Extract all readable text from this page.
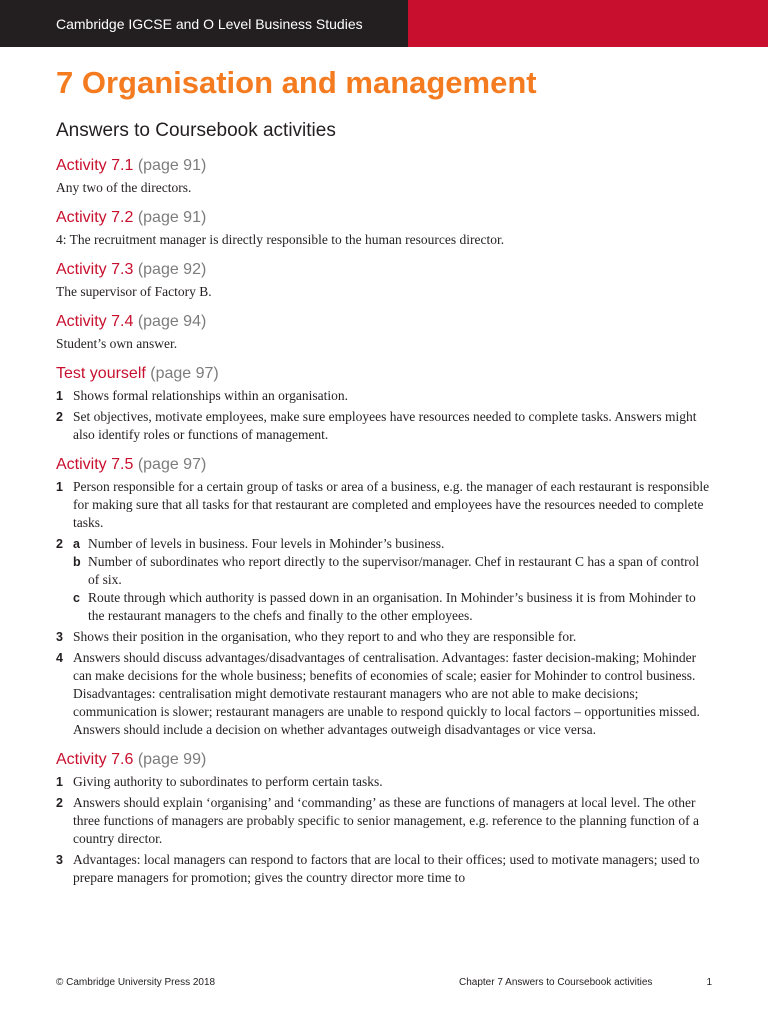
Cambridge IGCSE and O Level Business Studies
7 Organisation and management
Answers to Coursebook activities
Activity 7.1 (page 91)

Any two of the directors.

Activity 7.2 (page 91)

4: The recruitment manager is directly responsible to the human resources director.

Activity 7.3 (page 92)

The supervisor of Factory B.

Activity 7.4 (page 94)

Student’s own answer.

Test yourself (page 97)
1 Shows formal relationships within an organisation.
2 Set objectives, motivate employees, make sure employees have resources needed to complete tasks. Answers might also identify roles or functions of management.
Activity 7.5 (page 97)
1 Person responsible for a certain group of tasks or area of a business, e.g. the manager of each restaurant is responsible for making sure that all tasks for that restaurant are completed and employees have the resources needed to complete tasks.
2 a Number of levels in business. Four levels in Mohinder’s business.
b Number of subordinates who report directly to the supervisor/manager. Chef in restaurant C has a span of control of six.
c Route through which authority is passed down in an organisation. In Mohinder’s business it is from Mohinder to the restaurant managers to the chefs and finally to the other employees.
3 Shows their position in the organisation, who they report to and who they are responsible for.
4 Answers should discuss advantages/disadvantages of centralisation. Advantages: faster decision-making; Mohinder can make decisions for the whole business; benefits of economies of scale; easier for Mohinder to control business. Disadvantages: centralisation might demotivate restaurant managers who are not able to make decisions; communication is slower; restaurant managers are unable to respond quickly to local factors – opportunities missed. Answers should include a decision on whether advantages outweigh disadvantages or vice versa.
Activity 7.6 (page 99)
1 Giving authority to subordinates to perform certain tasks.
2 Answers should explain ‘organising’ and ‘commanding’ as these are functions of managers at local level. The other three functions of managers are probably specific to senior management, e.g. reference to the planning function of a country director.
3 Advantages: local managers can respond to factors that are local to their offices; used to motivate managers; used to prepare managers for promotion; gives the country director more time to
© Cambridge University Press 2018	Chapter 7 Answers to Coursebook activities	1
